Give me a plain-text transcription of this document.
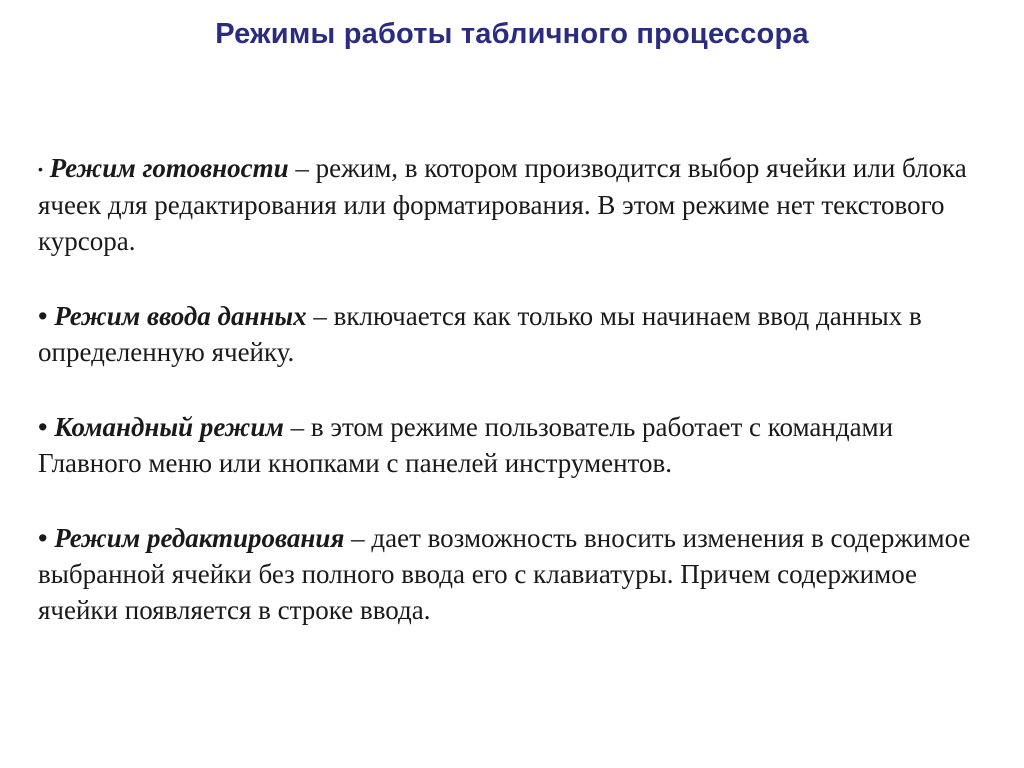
Режимы работы табличного процессора

• Режим готовности – режим, в котором производится выбор ячейки или блока ячеек для редактирования или форматирования. В этом режиме нет текстового курсора.

• Режим ввода данных – включается как только мы начинаем ввод данных в определенную ячейку.

• Командный режим – в этом режиме пользователь работает с командами Главного меню или кнопками с панелей инструментов.

• Режим редактирования – дает возможность вносить изменения в содержимое выбранной ячейки без полного ввода его с клавиатуры. Причем содержимое ячейки появляется в строке ввода.
